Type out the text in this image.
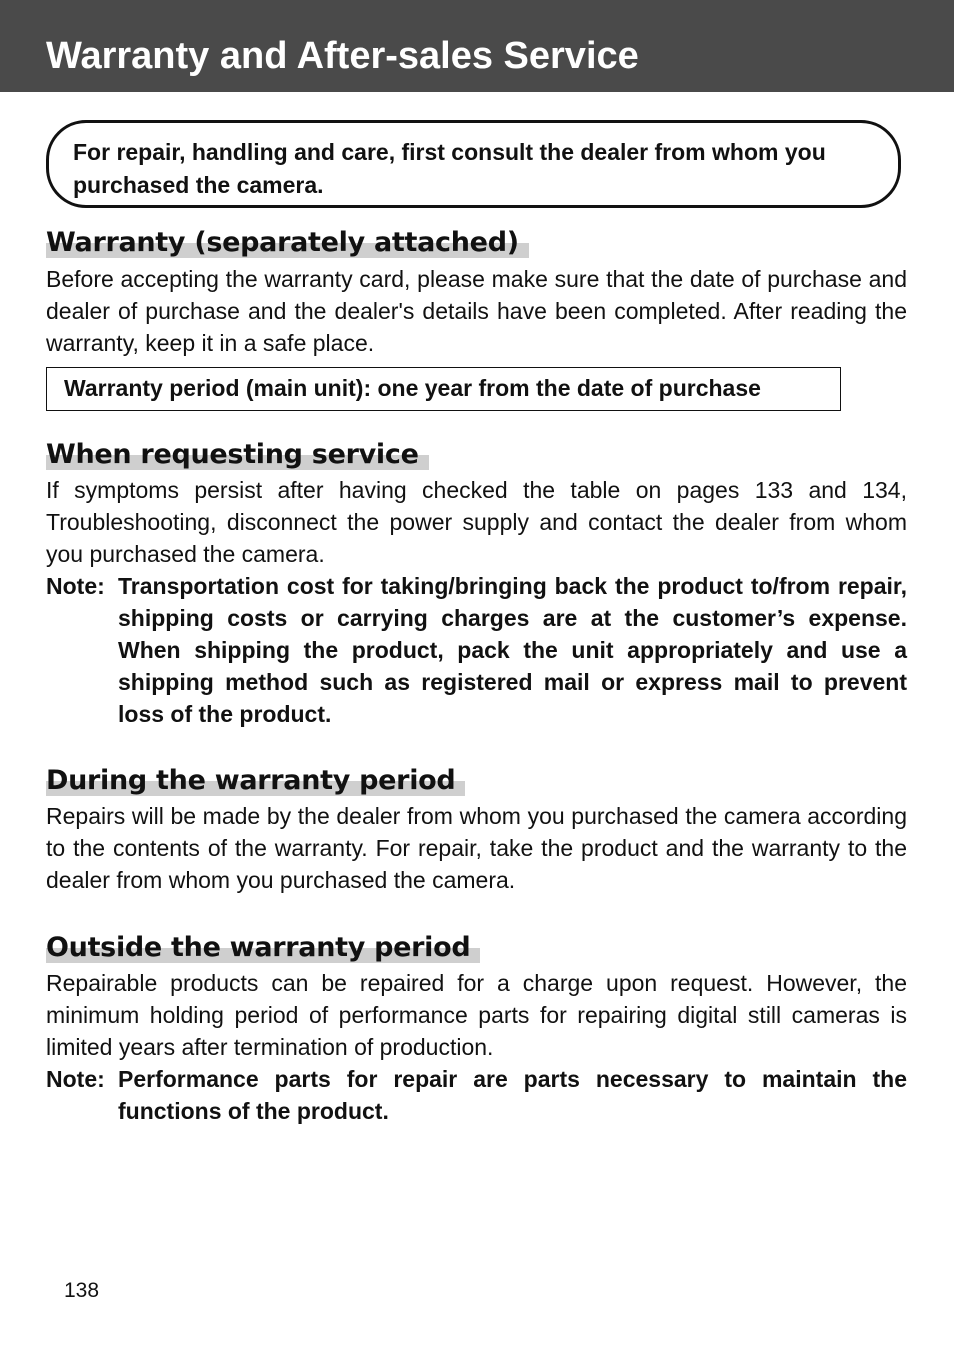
Warranty and After-sales Service
For repair, handling and care, first consult the dealer from whom you purchased the camera.
Warranty (separately attached)
Before accepting the warranty card, please make sure that the date of purchase and dealer of purchase and the dealer's details have been completed. After reading the warranty, keep it in a safe place.
Warranty period (main unit): one year from the date of purchase
When requesting service
If symptoms persist after having checked the table on pages 133 and 134, Troubleshooting, disconnect the power supply and contact the dealer from whom you purchased the camera.
Note: Transportation cost for taking/bringing back the product to/from repair, shipping costs or carrying charges are at the customer’s expense. When shipping the product, pack the unit appropriately and use a shipping method such as registered mail or express mail to prevent loss of the product.
During the warranty period
Repairs will be made by the dealer from whom you purchased the camera according to the contents of the warranty. For repair, take the product and the warranty to the dealer from whom you purchased the camera.
Outside the warranty period
Repairable products can be repaired for a charge upon request. However, the minimum holding period of performance parts for repairing digital still cameras is limited years after termination of production.
Note: Performance parts for repair are parts necessary to maintain the functions of the product.
138
